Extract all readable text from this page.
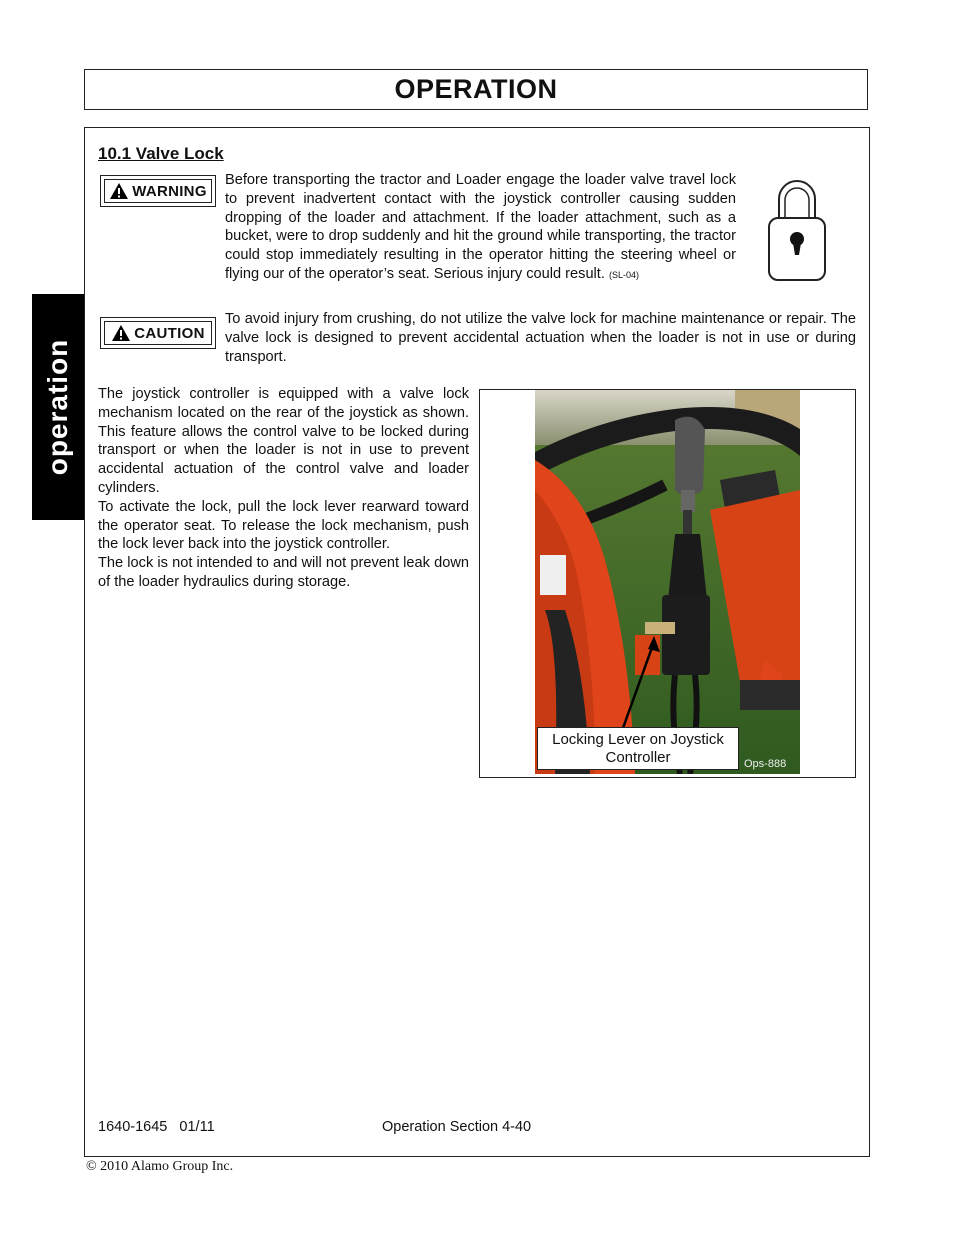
OPERATION
operation
10.1 Valve Lock
WARNING
Before transporting the tractor and Loader engage the loader valve travel lock to prevent inadvertent contact with the joystick controller causing sudden dropping of the loader and attachment. If the loader attachment, such as a bucket, were to drop suddenly and hit the ground while transporting, the tractor could stop immediately resulting in the operator hitting the steering wheel or flying our of the operator’s seat. Serious injury could result. (SL-04)
CAUTION
To avoid injury from crushing, do not utilize the valve lock for machine maintenance or repair. The valve lock is designed to prevent accidental actuation when the loader is not in use or during transport.
The joystick controller is equipped with a valve lock mechanism located on the rear of the joystick as shown. This feature allows the control valve to be locked during transport or when the loader is not in use to prevent accidental actuation of the control valve and loader cylinders.
To activate the lock, pull the lock lever rearward toward the operator seat. To release the lock mechanism, push the lock lever back into the joystick controller.
The lock is not intended to and will not prevent leak down of the loader hydraulics during storage.
Locking Lever on Joystick Controller	Ops-888
1640-1645   01/11	Operation Section 4-40
© 2010 Alamo Group Inc.
